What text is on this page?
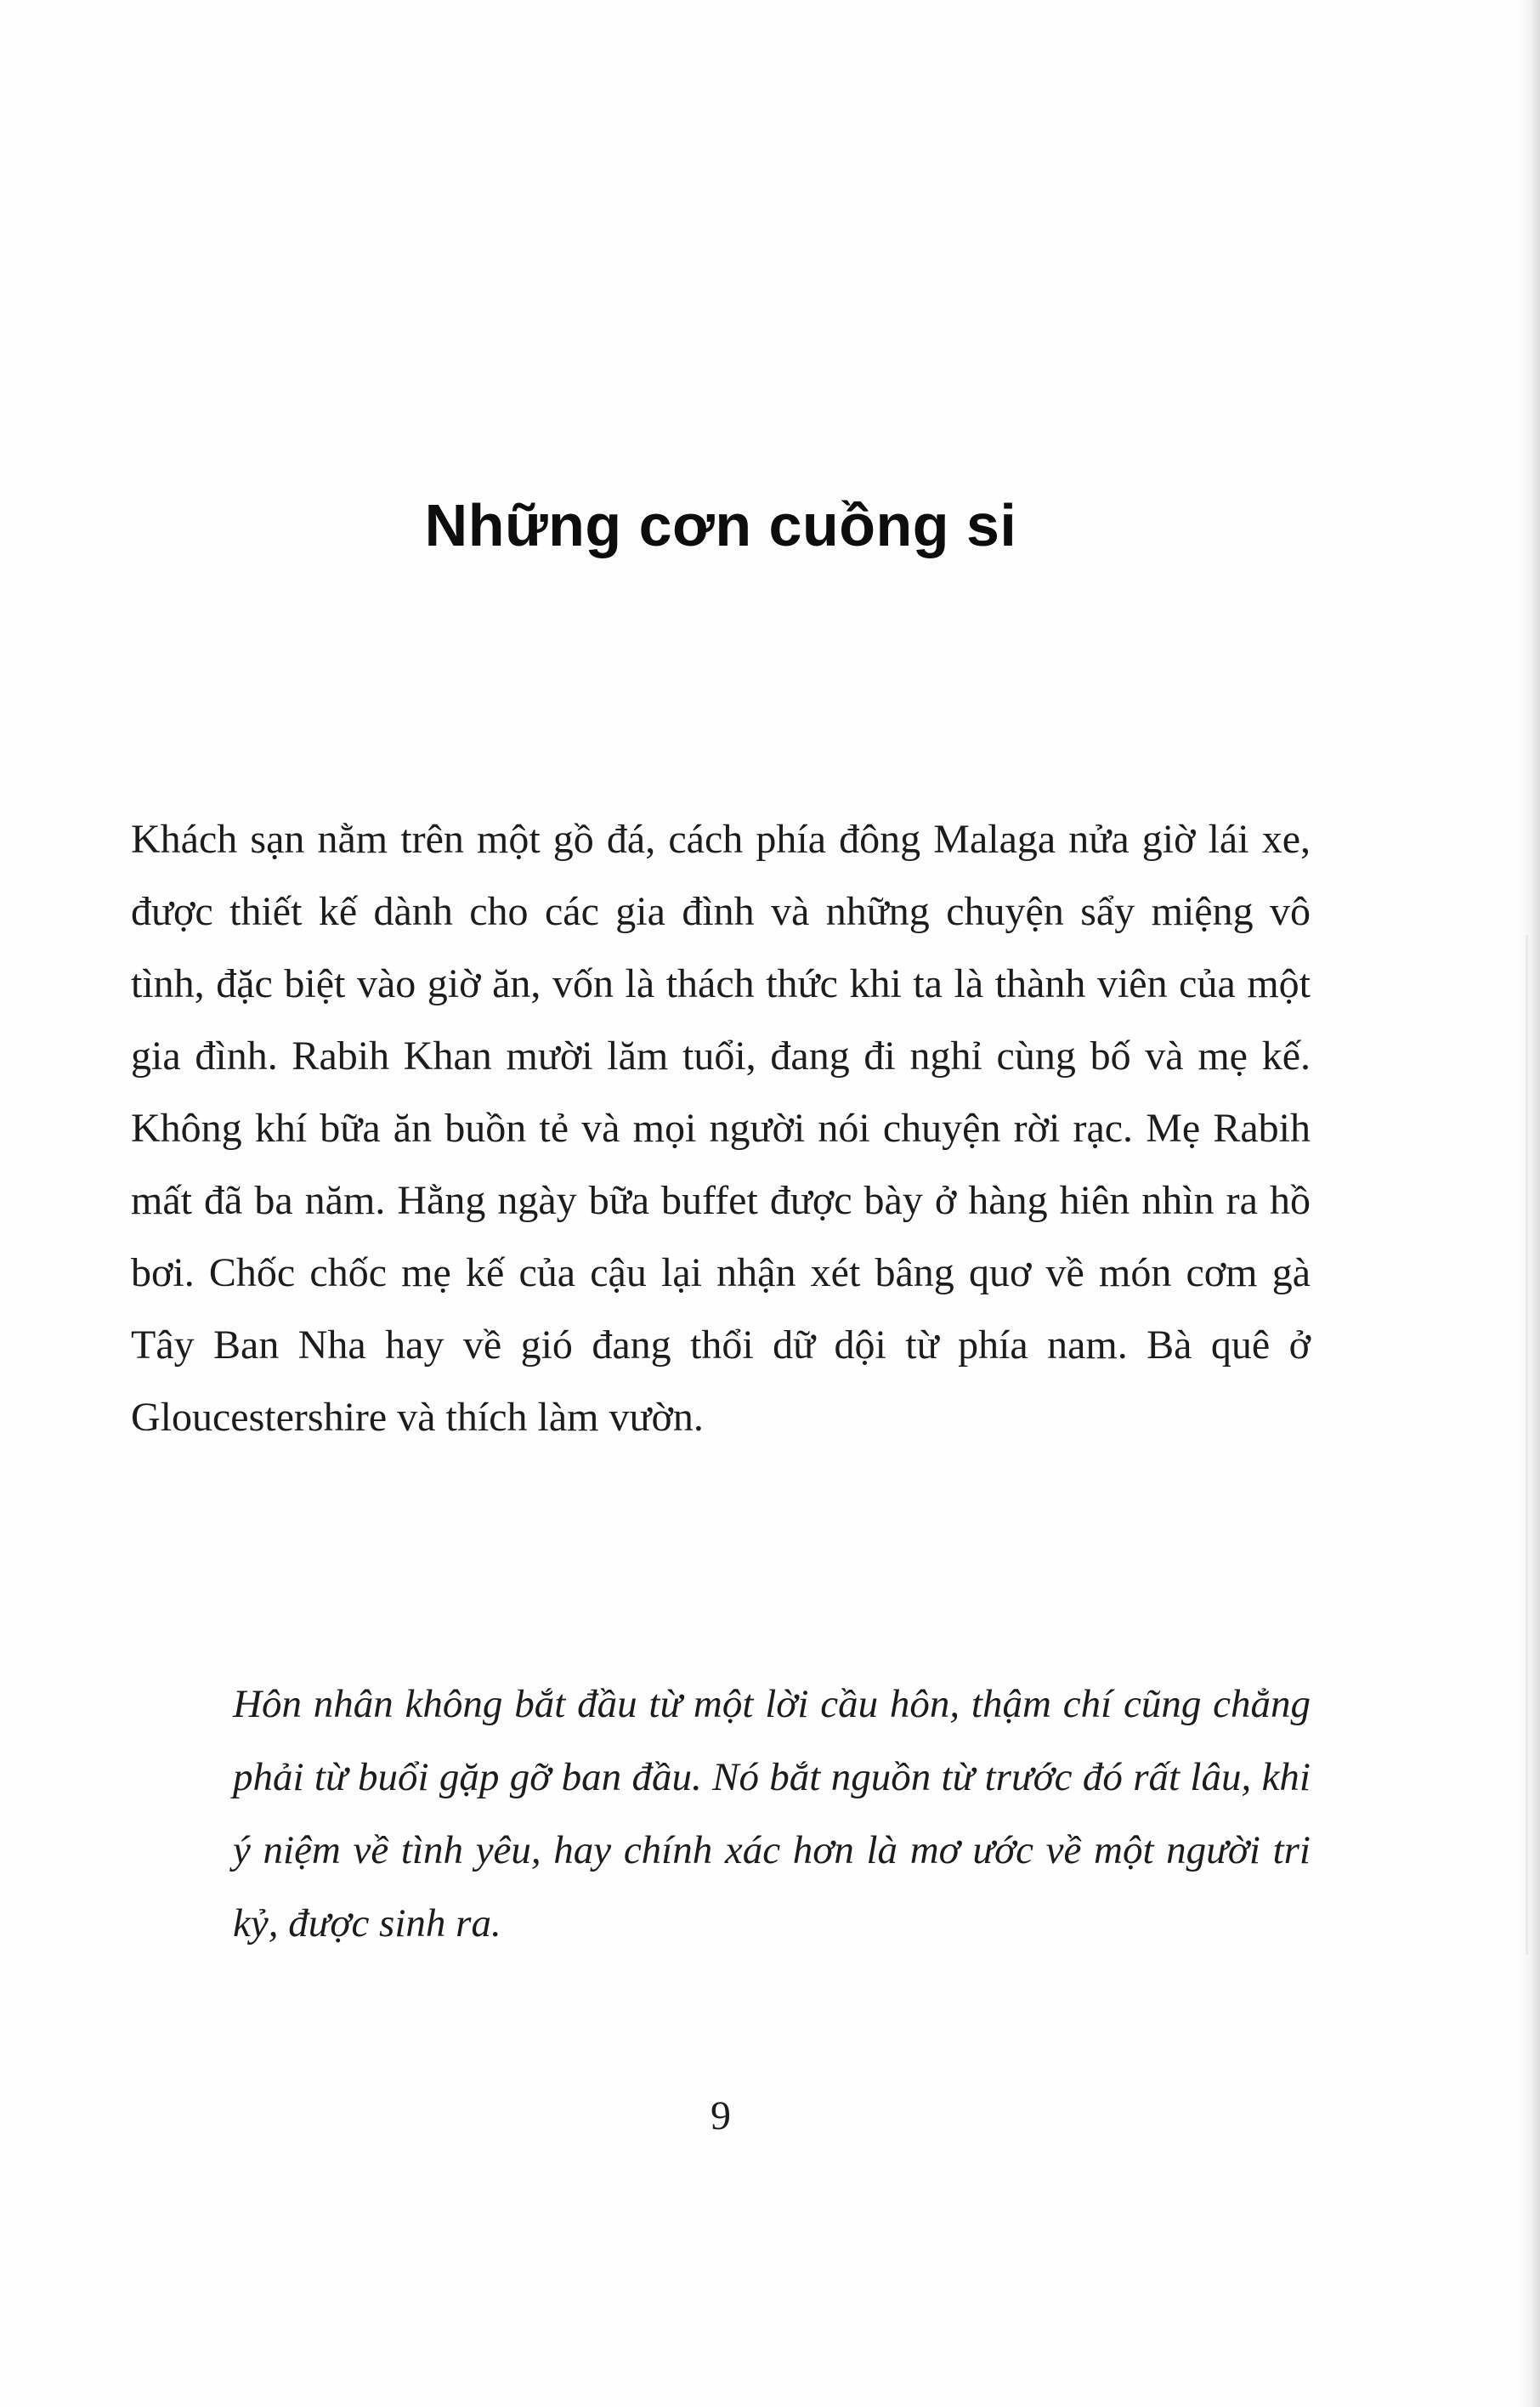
Những cơn cuồng si

Khách sạn nằm trên một gồ đá, cách phía đông Malaga nửa giờ lái xe, được thiết kế dành cho các gia đình và những chuyện sẩy miệng vô tình, đặc biệt vào giờ ăn, vốn là thách thức khi ta là thành viên của một gia đình. Rabih Khan mười lăm tuổi, đang đi nghỉ cùng bố và mẹ kế. Không khí bữa ăn buồn tẻ và mọi người nói chuyện rời rạc. Mẹ Rabih mất đã ba năm. Hằng ngày bữa buffet được bày ở hàng hiên nhìn ra hồ bơi. Chốc chốc mẹ kế của cậu lại nhận xét bâng quơ về món cơm gà Tây Ban Nha hay về gió đang thổi dữ dội từ phía nam. Bà quê ở Gloucestershire và thích làm vườn.

Hôn nhân không bắt đầu từ một lời cầu hôn, thậm chí cũng chẳng phải từ buổi gặp gỡ ban đầu. Nó bắt nguồn từ trước đó rất lâu, khi ý niệm về tình yêu, hay chính xác hơn là mơ ước về một người tri kỷ, được sinh ra.

9
